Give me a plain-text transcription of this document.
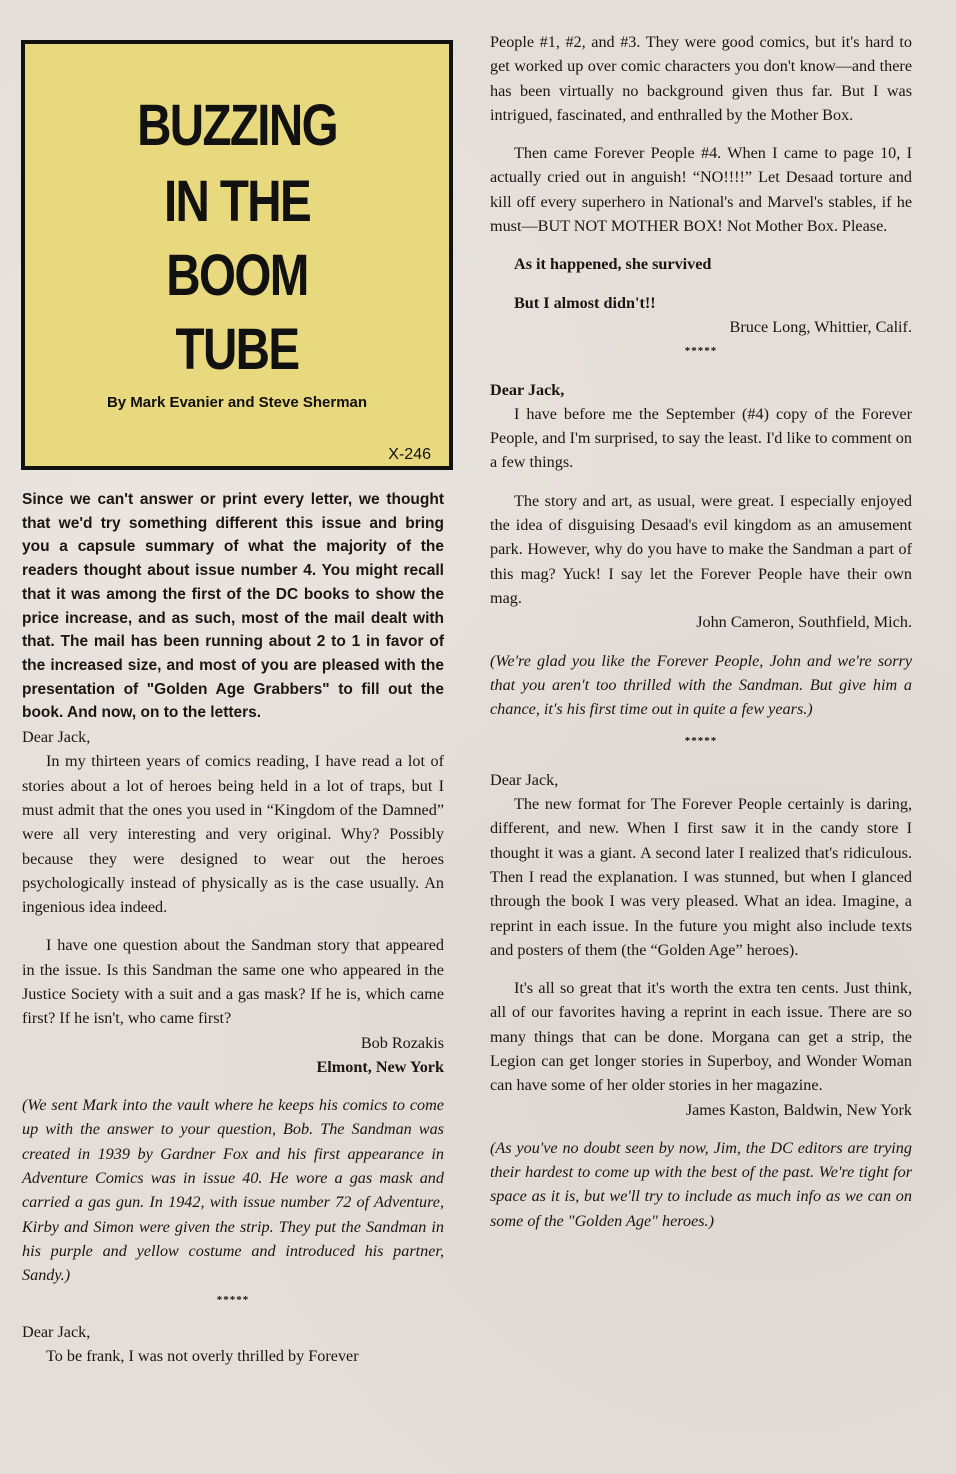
BUZZING
IN THE
BOOM
TUBE
By Mark Evanier and Steve Sherman
X-246

Since we can't answer or print every letter, we thought that we'd try something different this issue and bring you a capsule summary of what the majority of the readers thought about issue number 4. You might recall that it was among the first of the DC books to show the price increase, and as such, most of the mail dealt with that. The mail has been running about 2 to 1 in favor of the increased size, and most of you are pleased with the presentation of "Golden Age Grabbers" to fill out the book. And now, on to the letters.

Dear Jack,

In my thirteen years of comics reading, I have read a lot of stories about a lot of heroes being held in a lot of traps, but I must admit that the ones you used in “Kingdom of the Damned” were all very interesting and very original. Why? Possibly because they were designed to wear out the heroes psychologically instead of physically as is the case usually. An ingenious idea indeed.

I have one question about the Sandman story that appeared in the issue. Is this Sandman the same one who appeared in the Justice Society with a suit and a gas mask? If he is, which came first? If he isn't, who came first?

Bob Rozakis

Elmont, New York

(We sent Mark into the vault where he keeps his comics to come up with the answer to your question, Bob. The Sandman was created in 1939 by Gardner Fox and his first appearance in Adventure Comics was in issue 40. He wore a gas mask and carried a gas gun. In 1942, with issue number 72 of Adventure, Kirby and Simon were given the strip. They put the Sandman in his purple and yellow costume and introduced his partner, Sandy.)

*****

Dear Jack,

To be frank, I was not overly thrilled by Forever

People #1, #2, and #3. They were good comics, but it's hard to get worked up over comic characters you don't know—and there has been virtually no background given thus far. But I was intrigued, fascinated, and enthralled by the Mother Box.

Then came Forever People #4. When I came to page 10, I actually cried out in anguish! “NO!!!!” Let Desaad torture and kill off every superhero in National's and Marvel's stables, if he must—BUT NOT MOTHER BOX! Not Mother Box. Please.

As it happened, she survived

But I almost didn't!!

Bruce Long, Whittier, Calif.

*****

Dear Jack,

I have before me the September (#4) copy of the Forever People, and I'm surprised, to say the least. I'd like to comment on a few things.

The story and art, as usual, were great. I especially enjoyed the idea of disguising Desaad's evil kingdom as an amusement park. However, why do you have to make the Sandman a part of this mag? Yuck! I say let the Forever People have their own mag.

John Cameron, Southfield, Mich.

(We're glad you like the Forever People, John and we're sorry that you aren't too thrilled with the Sandman. But give him a chance, it's his first time out in quite a few years.)

*****

Dear Jack,

The new format for The Forever People certainly is daring, different, and new. When I first saw it in the candy store I thought it was a giant. A second later I realized that's ridiculous. Then I read the explanation. I was stunned, but when I glanced through the book I was very pleased. What an idea. Imagine, a reprint in each issue. In the future you might also include texts and posters of them (the “Golden Age” heroes).

It's all so great that it's worth the extra ten cents. Just think, all of our favorites having a reprint in each issue. There are so many things that can be done. Morgana can get a strip, the Legion can get longer stories in Superboy, and Wonder Woman can have some of her older stories in her magazine.

James Kaston, Baldwin, New York

(As you've no doubt seen by now, Jim, the DC editors are trying their hardest to come up with the best of the past. We're tight for space as it is, but we'll try to include as much info as we can on some of the "Golden Age" heroes.)
